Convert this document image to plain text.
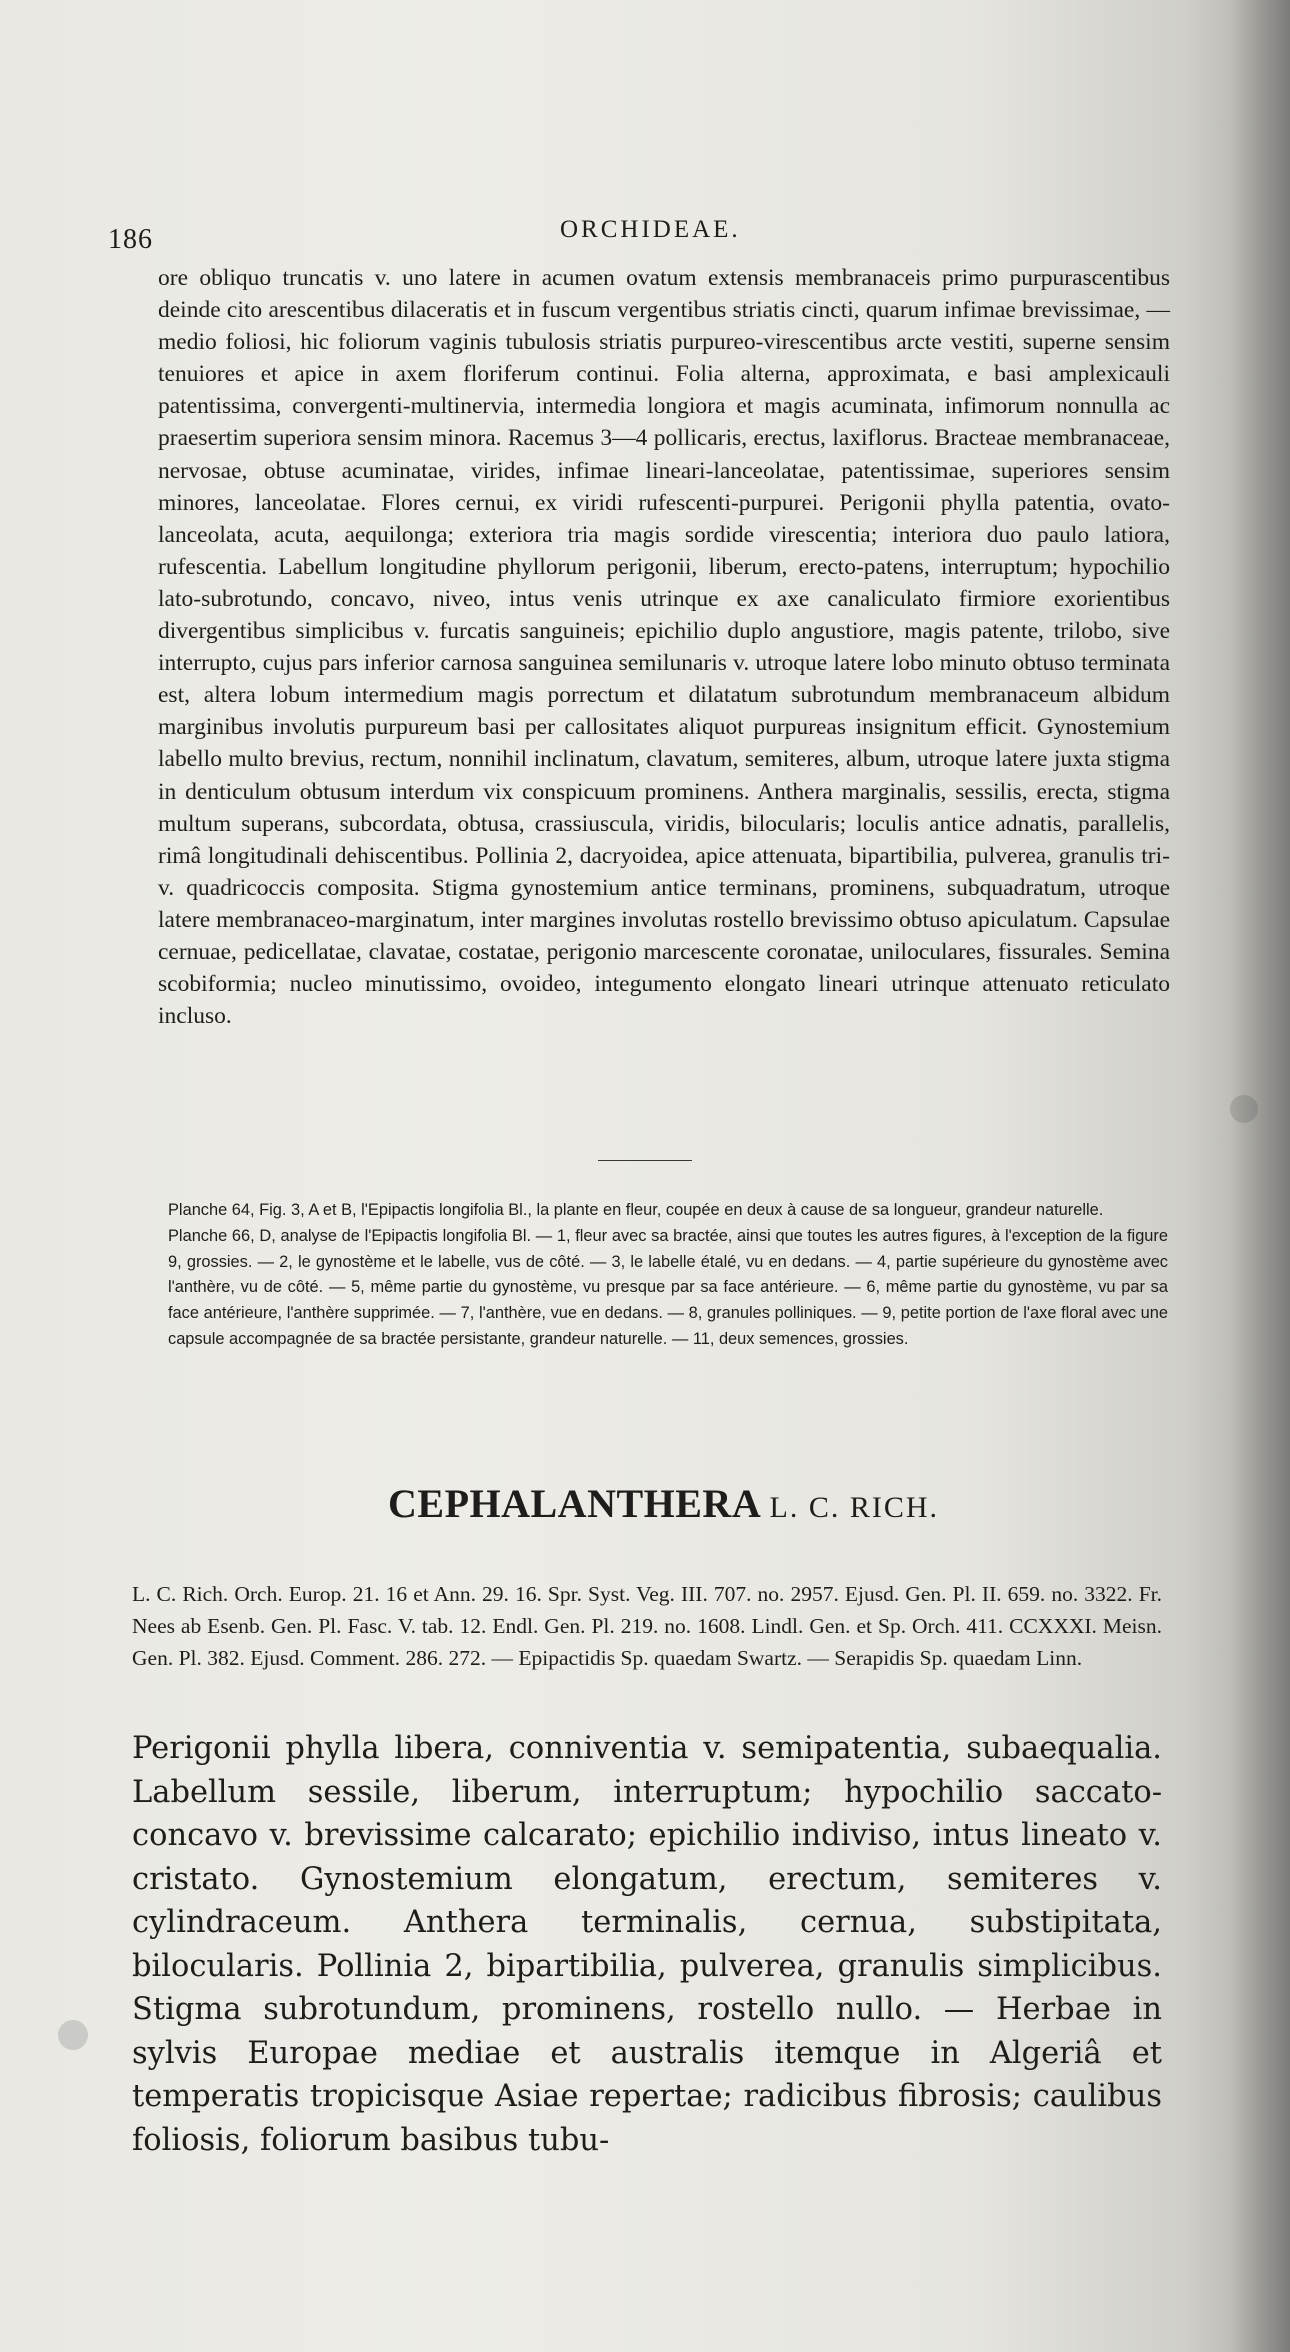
186	ORCHIDEAE.
ore obliquo truncatis v. uno latere in acumen ovatum extensis membranaceis primo purpurascentibus deinde cito arescentibus dilaceratis et in fuscum vergentibus striatis cincti, quarum infimae brevissimae, — medio foliosi, hic foliorum vaginis tubulosis striatis purpureo-virescentibus arcte vestiti, superne sensim tenuiores et apice in axem floriferum continui. Folia alterna, approximata, e basi amplexicauli patentissima, convergenti-multinervia, intermedia longiora et magis acuminata, infimorum nonnulla ac praesertim superiora sensim minora. Racemus 3—4 pollicaris, erectus, laxiflorus. Bracteae membranaceae, nervosae, obtuse acuminatae, virides, infimae lineari-lanceolatae, patentissimae, superiores sensim minores, lanceolatae. Flores cernui, ex viridi rufescenti-purpurei. Perigonii phylla patentia, ovato-lanceolata, acuta, aequilonga; exteriora tria magis sordide virescentia; interiora duo paulo latiora, rufescentia. Labellum longitudine phyllorum perigonii, liberum, erecto-patens, interruptum; hypochilio lato-subrotundo, concavo, niveo, intus venis utrinque ex axe canaliculato firmiore exorientibus divergentibus simplicibus v. furcatis sanguineis; epichilio duplo angustiore, magis patente, trilobo, sive interrupto, cujus pars inferior carnosa sanguinea semilunaris v. utroque latere lobo minuto obtuso terminata est, altera lobum intermedium magis porrectum et dilatatum subrotundum membranaceum albidum marginibus involutis purpureum basi per callositates aliquot purpureas insignitum efficit. Gynostemium labello multo brevius, rectum, nonnihil inclinatum, clavatum, semiteres, album, utroque latere juxta stigma in denticulum obtusum interdum vix conspicuum prominens. Anthera marginalis, sessilis, erecta, stigma multum superans, subcordata, obtusa, crassiuscula, viridis, bilocularis; loculis antice adnatis, parallelis, rimâ longitudinali dehiscentibus. Pollinia 2, dacryoidea, apice attenuata, bipartibilia, pulverea, granulis tri-v. quadricoccis composita. Stigma gynostemium antice terminans, prominens, subquadratum, utroque latere membranaceo-marginatum, inter margines involutas rostello brevissimo obtuso apiculatum. Capsulae cernuae, pedicellatae, clavatae, costatae, perigonio marcescente coronatae, uniloculares, fissurales. Semina scobiformia; nucleo minutissimo, ovoideo, integumento elongato lineari utrinque attenuato reticulato incluso.

Planche 64, Fig. 3, A et B, l'Epipactis longifolia Bl., la plante en fleur, coupée en deux à cause de sa longueur, grandeur naturelle.

Planche 66, D, analyse de l'Epipactis longifolia Bl. — 1, fleur avec sa bractée, ainsi que toutes les autres figures, à l'exception de la figure 9, grossies. — 2, le gynostème et le labelle, vus de côté. — 3, le labelle étalé, vu en dedans. — 4, partie supérieure du gynostème avec l'anthère, vu de côté. — 5, même partie du gynostème, vu presque par sa face antérieure. — 6, même partie du gynostème, vu par sa face antérieure, l'anthère supprimée. — 7, l'anthère, vue en dedans. — 8, granules polliniques. — 9, petite portion de l'axe floral avec une capsule accompagnée de sa bractée persistante, grandeur naturelle. — 11, deux semences, grossies.

CEPHALANTHERA L. C. RICH.
L. C. Rich. Orch. Europ. 21. 16 et Ann. 29. 16. Spr. Syst. Veg. III. 707. no. 2957. Ejusd. Gen. Pl. II. 659. no. 3322. Fr. Nees ab Esenb. Gen. Pl. Fasc. V. tab. 12. Endl. Gen. Pl. 219. no. 1608. Lindl. Gen. et Sp. Orch. 411. CCXXXI. Meisn. Gen. Pl. 382. Ejusd. Comment. 286. 272. — Epipactidis Sp. quaedam Swartz. — Serapidis Sp. quaedam Linn.
Perigonii phylla libera, conniventia v. semipatentia, subaequalia. Labellum sessile, liberum, interruptum; hypochilio saccato-concavo v. brevissime calcarato; epichilio indiviso, intus lineato v. cristato. Gynostemium elongatum, erectum, semiteres v. cylindraceum. Anthera terminalis, cernua, substipitata, bilocularis. Pollinia 2, bipartibilia, pulverea, granulis simplicibus. Stigma subrotundum, prominens, rostello nullo. — Herbae in sylvis Europae mediae et australis itemque in Algeriâ et temperatis tropicisque Asiae repertae; radicibus fibrosis; caulibus foliosis, foliorum basibus tubu-
